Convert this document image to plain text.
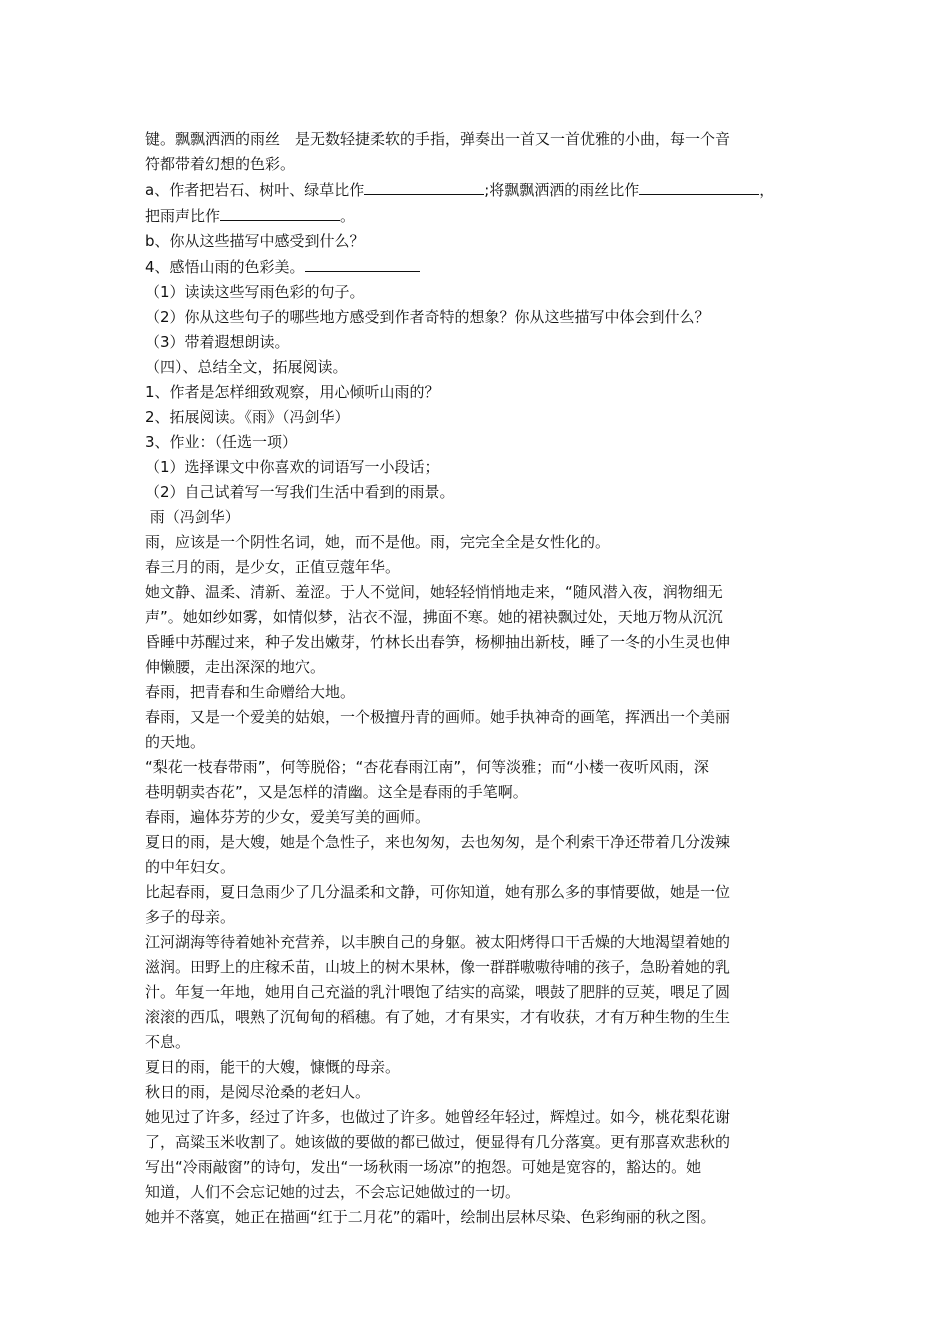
键。飘飘洒洒的雨丝　是无数轻捷柔软的手指，弹奏出一首又一首优雅的小曲，每一个音

符都带着幻想的色彩。

a、作者把岩石、树叶、绿草比作	;将飘飘洒洒的雨丝比作	，

把雨声比作	。

b、你从这些描写中感受到什么？

4、感悟山雨的色彩美。

（1）读读这些写雨色彩的句子。

（2）你从这些句子的哪些地方感受到作者奇特的想象？你从这些描写中体会到什么？

（3）带着遐想朗读。

（四）、总结全文，拓展阅读。

1、作者是怎样细致观察，用心倾听山雨的？

2、拓展阅读。《雨》（冯剑华）

3、作业：（任选一项）

（1）选择课文中你喜欢的词语写一小段话；

（2）自己试着写一写我们生活中看到的雨景。

雨（冯剑华）

雨，应该是一个阴性名词，她，而不是他。雨，完完全全是女性化的。

春三月的雨，是少女，正值豆蔻年华。

她文静、温柔、清新、羞涩。于人不觉间，她轻轻悄悄地走来，“随风潜入夜，润物细无

声”。她如纱如雾，如情似梦，沾衣不湿，拂面不寒。她的裙袂飘过处，天地万物从沉沉

昏睡中苏醒过来，种子发出嫩芽，竹林长出春笋，杨柳抽出新枝，睡了一冬的小生灵也伸

伸懒腰，走出深深的地穴。

春雨，把青春和生命赠给大地。

春雨，又是一个爱美的姑娘，一个极擅丹青的画师。她手执神奇的画笔，挥洒出一个美丽

的天地。

“梨花一枝春带雨”，何等脱俗；“杏花春雨江南”，何等淡雅；而“小楼一夜听风雨，深

巷明朝卖杏花”，又是怎样的清幽。这全是春雨的手笔啊。

春雨，遍体芬芳的少女，爱美写美的画师。

夏日的雨，是大嫂，她是个急性子，来也匆匆，去也匆匆，是个利索干净还带着几分泼辣

的中年妇女。

比起春雨，夏日急雨少了几分温柔和文静，可你知道，她有那么多的事情要做，她是一位

多子的母亲。

江河湖海等待着她补充营养，以丰腴自己的身躯。被太阳烤得口干舌燥的大地渴望着她的

滋润。田野上的庄稼禾苗，山坡上的树木果林，像一群群嗷嗷待哺的孩子，急盼着她的乳

汁。年复一年地，她用自己充溢的乳汁喂饱了结实的高粱，喂鼓了肥胖的豆荚，喂足了圆

滚滚的西瓜，喂熟了沉甸甸的稻穗。有了她，才有果实，才有收获，才有万种生物的生生

不息。

夏日的雨，能干的大嫂，慷慨的母亲。

秋日的雨，是阅尽沧桑的老妇人。

她见过了许多，经过了许多，也做过了许多。她曾经年轻过，辉煌过。如今，桃花梨花谢

了，高粱玉米收割了。她该做的要做的都已做过，便显得有几分落寞。更有那喜欢悲秋的

写出“冷雨敲窗”的诗句，发出“一场秋雨一场凉”的抱怨。可她是宽容的，豁达的。她

知道，人们不会忘记她的过去，不会忘记她做过的一切。

她并不落寞，她正在描画“红于二月花”的霜叶，绘制出层林尽染、色彩绚丽的秋之图。
